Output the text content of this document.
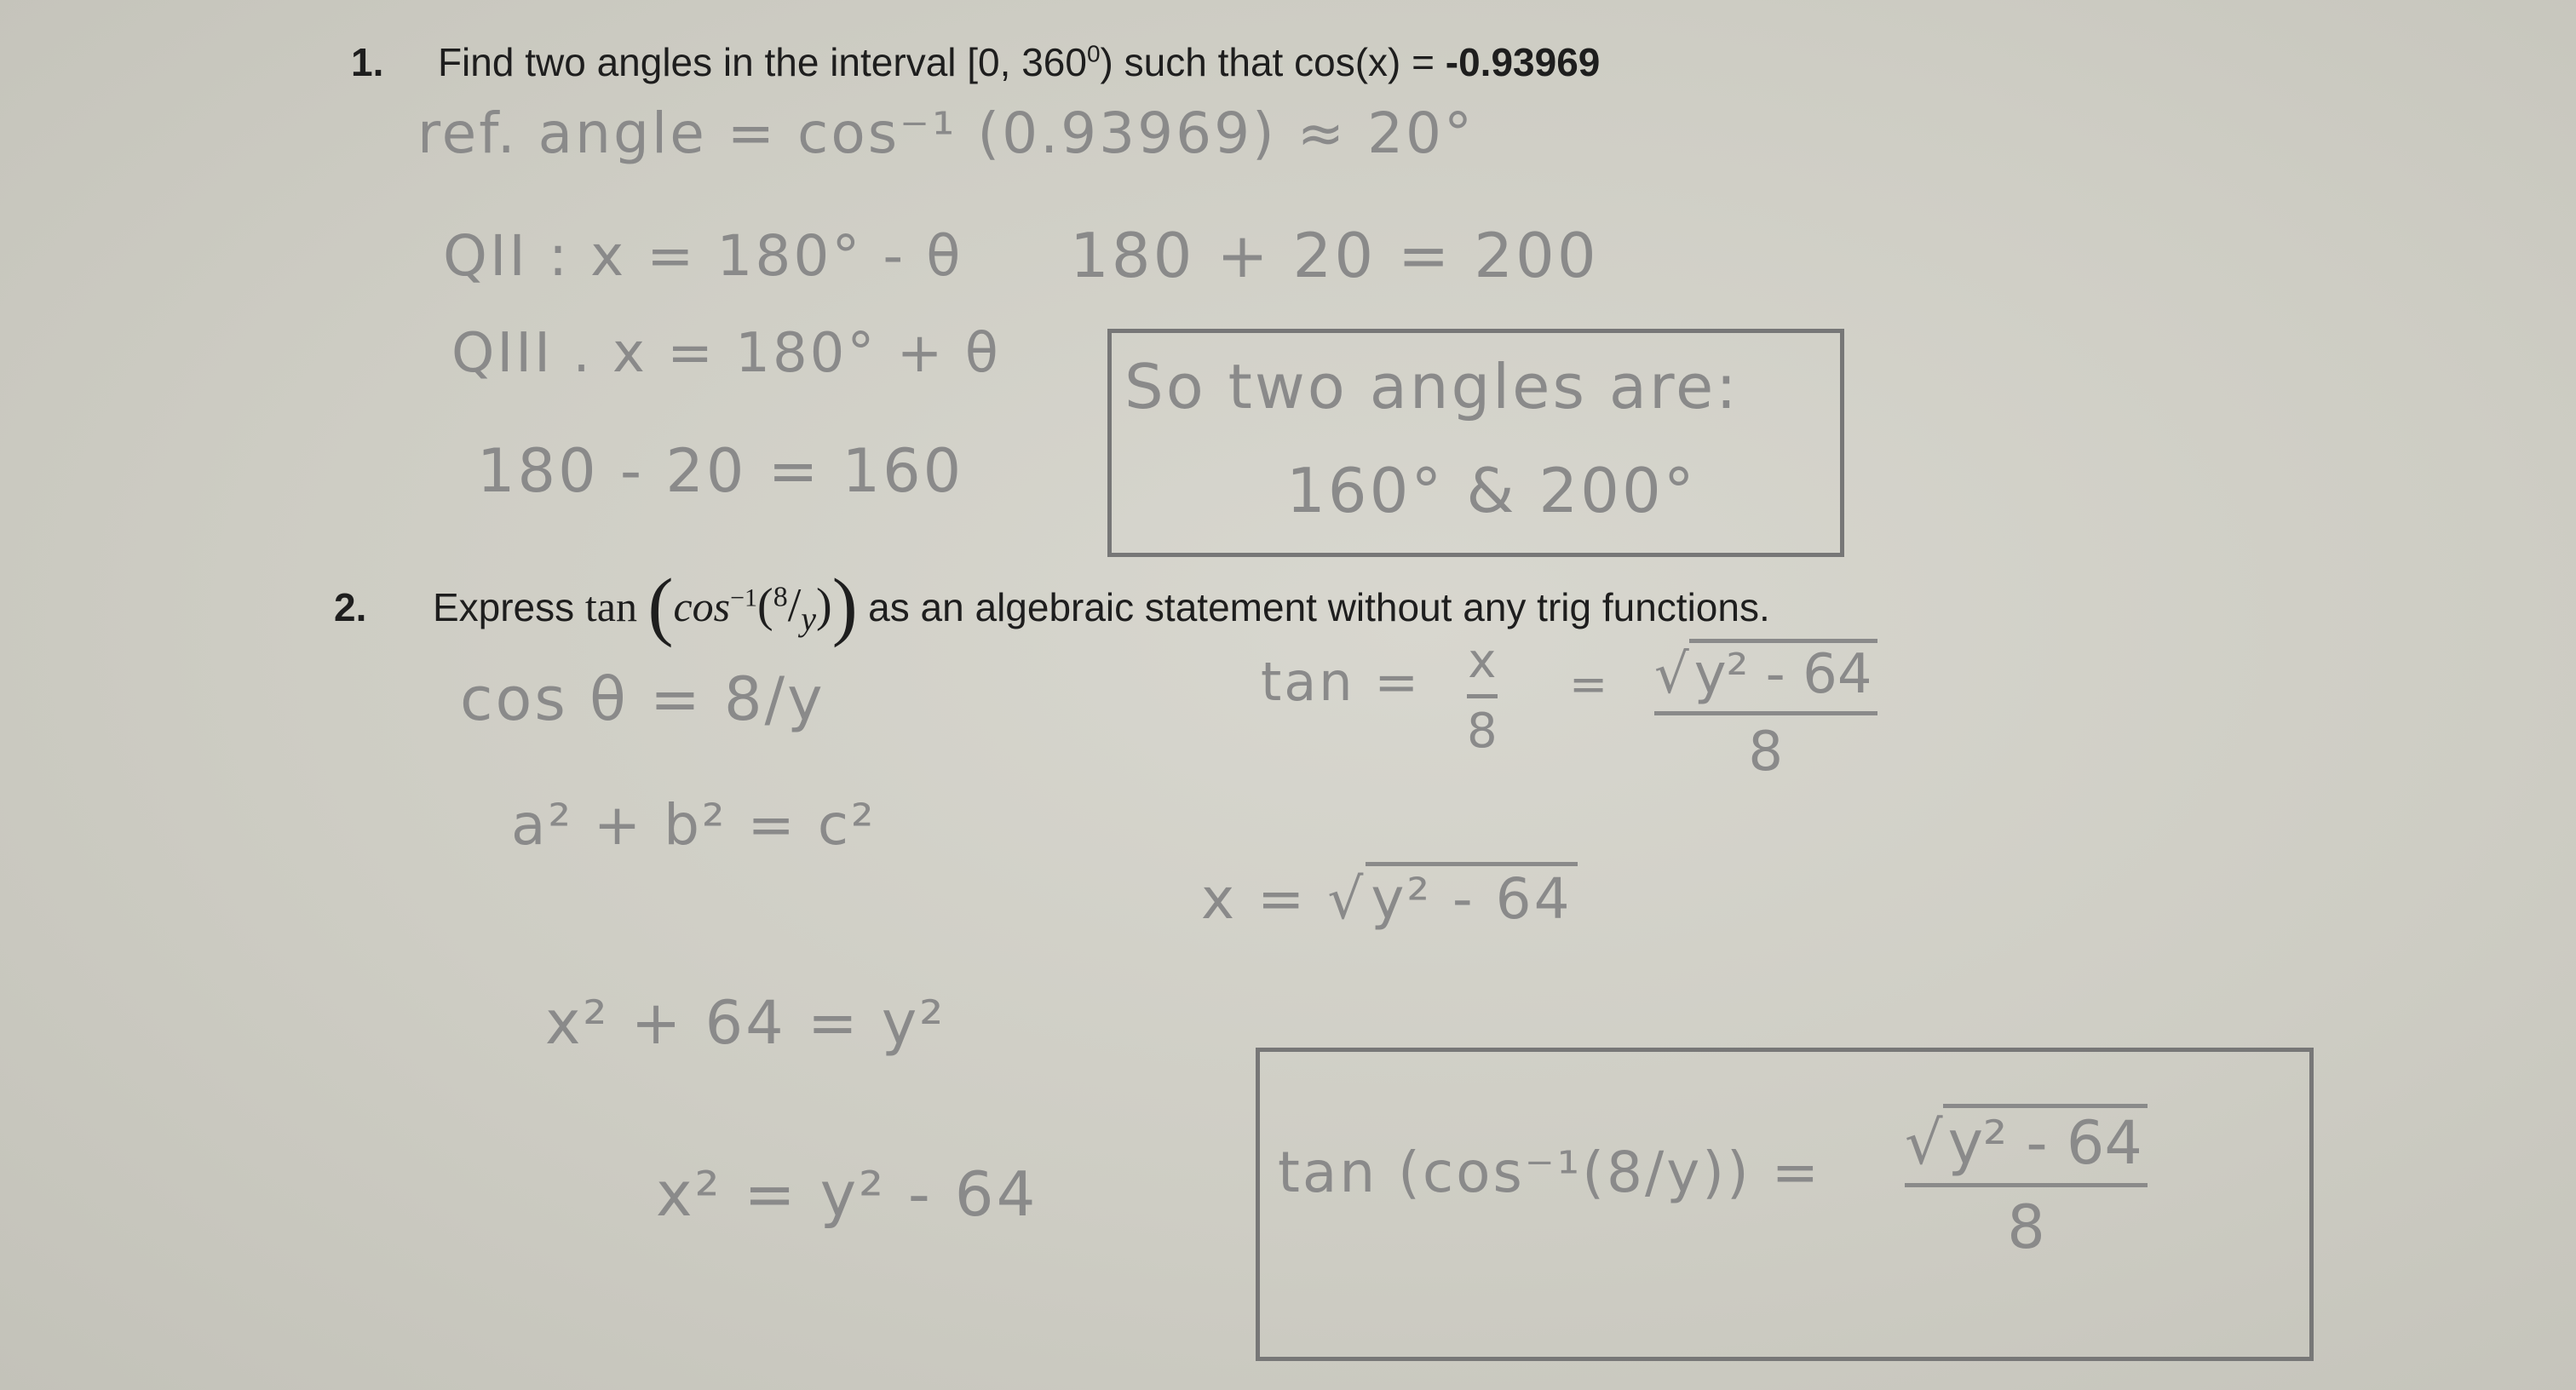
1. Find two angles in the interval [0, $360^0$) such that cos(x) = -0.93969
ref. angle = cos⁻¹ (0.93969) ≈ 20°
QII : x = 180° - θ 180 + 20 = 200
QIII . x = 180° + θ
180 - 20 = 160
So two angles are:
160° & 200°
2. Express $\tan (\cos^{-1}(^8/_y))$ as an algebraic statement without any trig functions.
cos θ = 8/y
a² + b² = c²
x² + 64 = y²
x² = y² - 64
x = √y² - 64
tan = x
8
= √y² - 64
8
tan (cos⁻¹(8/y)) = √y² - 64
8
